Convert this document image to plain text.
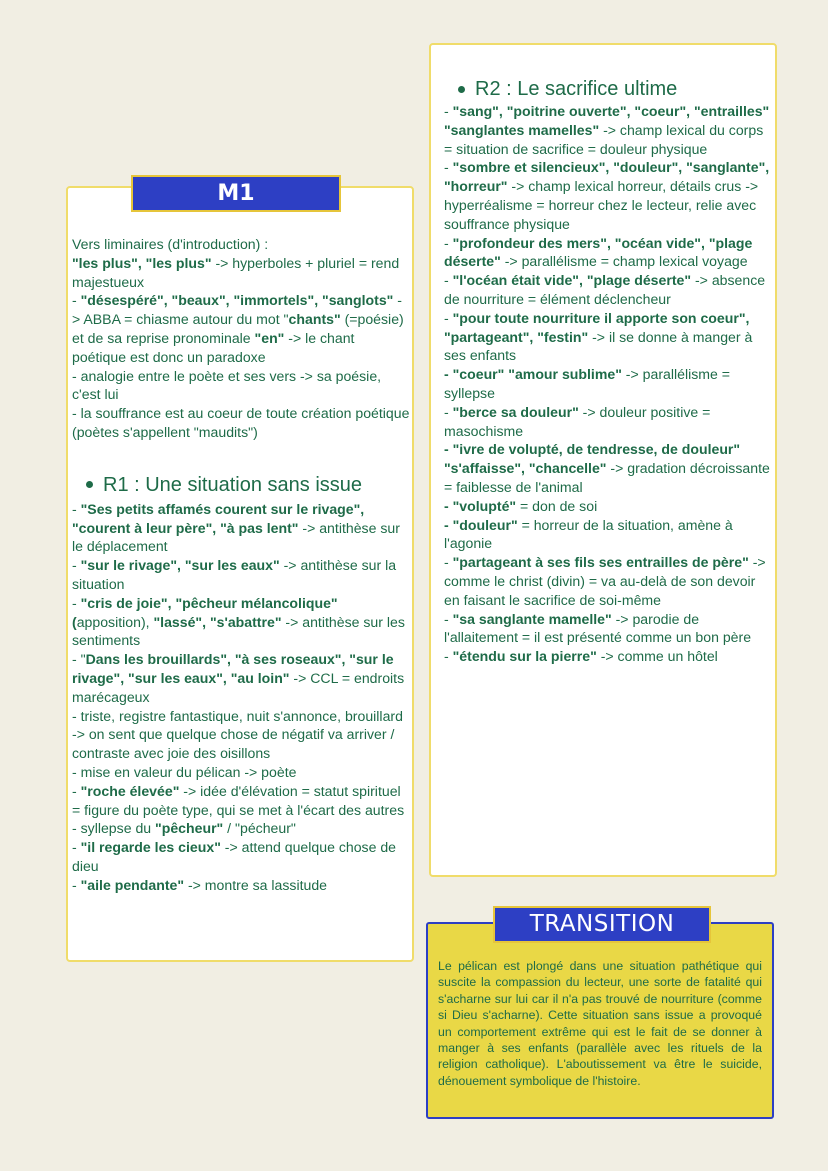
M1

Vers liminaires (d'introduction) :

"les plus", "les plus" -> hyperboles + pluriel = rend majestueux

- "désespéré", "beaux", "immortels", "sanglots" -> ABBA = chiasme autour du mot "chants" (=poésie) et de sa reprise pronominale "en" -> le chant poétique est donc un paradoxe

- analogie entre le poète et ses vers -> sa poésie, c'est lui

- la souffrance est au coeur de toute création poétique (poètes s'appellent "maudits")

R1 : Une situation sans issue

- "Ses petits affamés courent sur le rivage", "courent à leur père", "à pas lent" -> antithèse sur le déplacement

- "sur le rivage", "sur les eaux" -> antithèse sur la situation

- "cris de joie", "pêcheur mélancolique" (apposition), "lassé", "s'abattre" -> antithèse sur les sentiments

- "Dans les brouillards", "à ses roseaux", "sur le rivage", "sur les eaux", "au loin" -> CCL = endroits marécageux

- triste, registre fantastique, nuit s'annonce, brouillard -> on sent que quelque chose de négatif va arriver / contraste avec joie des oisillons

- mise en valeur du pélican -> poète

- "roche élevée" -> idée d'élévation = statut spirituel = figure du poète type, qui se met à l'écart des autres

- syllepse du "pêcheur" / "pécheur"

- "il regarde les cieux" -> attend quelque chose de dieu

- "aile pendante" -> montre sa lassitude

R2 : Le sacrifice ultime

- "sang", "poitrine ouverte", "coeur", "entrailles" "sanglantes mamelles" -> champ lexical du corps = situation de sacrifice = douleur physique

- "sombre et silencieux", "douleur", "sanglante", "horreur" -> champ lexical horreur, détails crus -> hyperréalisme = horreur chez le lecteur, relie avec souffrance physique

- "profondeur des mers", "océan vide", "plage déserte" -> parallélisme = champ lexical voyage

- "l'océan était vide", "plage déserte" -> absence de nourriture = élément déclencheur

- "pour toute nourriture il apporte son coeur", "partageant", "festin" -> il se donne à manger à ses enfants

- "coeur" "amour sublime" -> parallélisme = syllepse

- "berce sa douleur" -> douleur positive = masochisme

- "ivre de volupté, de tendresse, de douleur" "s'affaisse", "chancelle" -> gradation décroissante = faiblesse de l'animal

- "volupté" = don de soi

- "douleur" = horreur de la situation, amène à l'agonie

- "partageant à ses fils ses entrailles de père" -> comme le christ (divin) = va au-delà de son devoir en faisant le sacrifice de soi-même

- "sa sanglante mamelle" -> parodie de l'allaitement = il est présenté comme un bon père

- "étendu sur la pierre" -> comme un hôtel

Le pélican est plongé dans une situation pathétique qui suscite la compassion du lecteur, une sorte de fatalité qui s'acharne sur lui car il n'a pas trouvé de nourriture (comme si Dieu s'acharne). Cette situation sans issue a provoqué un comportement extrême qui est le fait de se donner à manger à ses enfants (parallèle avec les rituels de la religion catholique). L'aboutissement va être le suicide, dénouement symbolique de l'histoire.

TRANSITION
